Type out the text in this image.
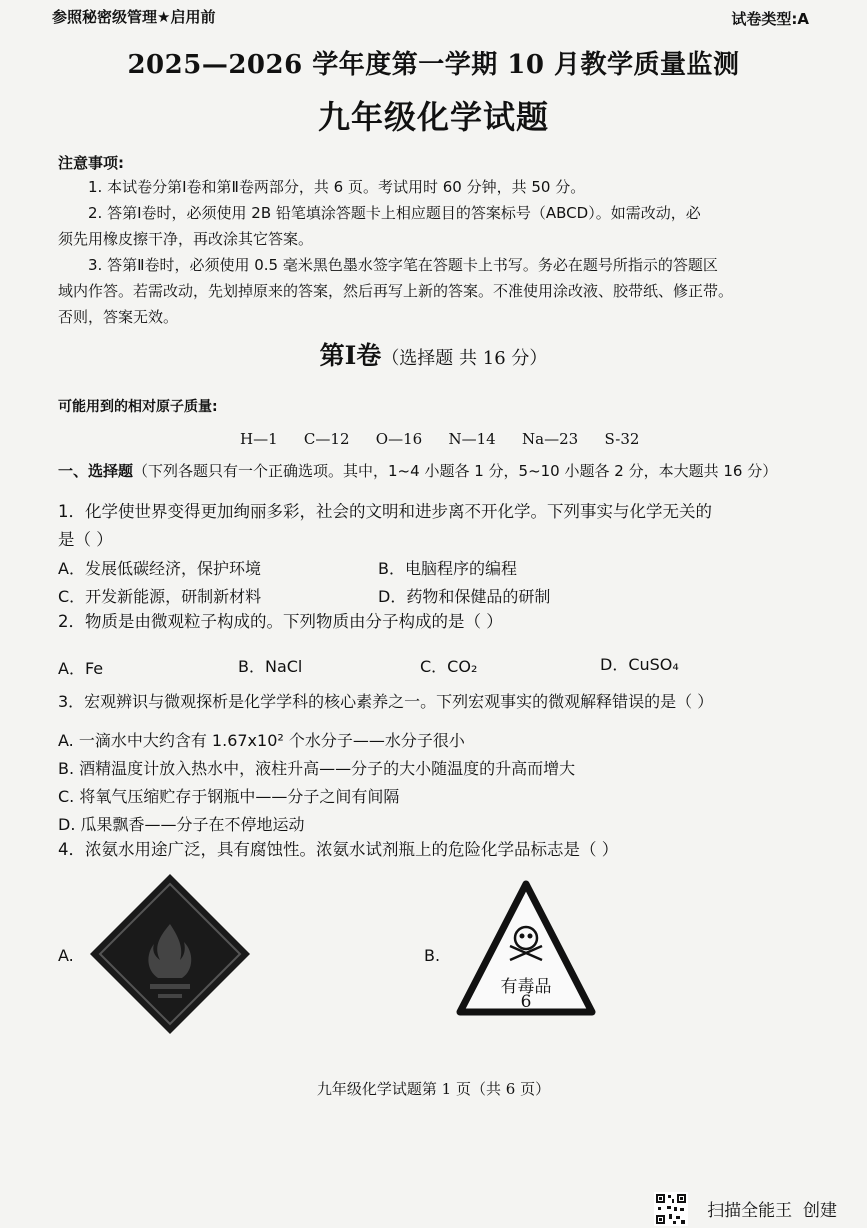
参照秘密级管理★启用前	试卷类型:A
2025—2026 学年度第一学期 10 月教学质量监测
九年级化学试题
注意事项:
1. 本试卷分第Ⅰ卷和第Ⅱ卷两部分，共 6 页。考试用时 60 分钟，共 50 分。
2. 答第Ⅰ卷时，必须使用 2B 铅笔填涂答题卡上相应题目的答案标号（ABCD）。如需改动，必
须先用橡皮擦干净，再改涂其它答案。
3. 答第Ⅱ卷时，必须使用 0.5 毫米黑色墨水签字笔在答题卡上书写。务必在题号所指示的答题区
域内作答。若需改动，先划掉原来的答案，然后再写上新的答案。不准使用涂改液、胶带纸、修正带。
否则，答案无效。
第Ⅰ卷（选择题 共 16 分）
可能用到的相对原子质量:
H—1   C—12   O—16   N—14   Na—23   S-32
一、选择题（下列各题只有一个正确选项。其中，1~4 小题各 1 分，5~10 小题各 2 分，本大题共 16 分）
1．化学使世界变得更加绚丽多彩，社会的文明和进步离不开化学。下列事实与化学无关的
是（ ）
A．发展低碳经济，保护环境	B．电脑程序的编程
C．开发新能源，研制新材料	D．药物和保健品的研制
2．物质是由微观粒子构成的。下列物质由分子构成的是（ ）
A．Fe	B．NaCl	C．CO₂	D．CuSO₄
3．宏观辨识与微观探析是化学学科的核心素养之一。下列宏观事实的微观解释错误的是（ ）
A. 一滴水中大约含有 1.67x10² 个水分子——水分子很小
B. 酒精温度计放入热水中，液柱升高——分子的大小随温度的升高而增大
C. 将氧气压缩贮存于钢瓶中——分子之间有间隔
D. 瓜果飘香——分子在不停地运动
4．浓氨水用途广泛，具有腐蚀性。浓氨水试剂瓶上的危险化学品标志是（ ）
A.	B.
有毒品
6
九年级化学试题第 1 页（共 6 页）
扫描全能王  创建
